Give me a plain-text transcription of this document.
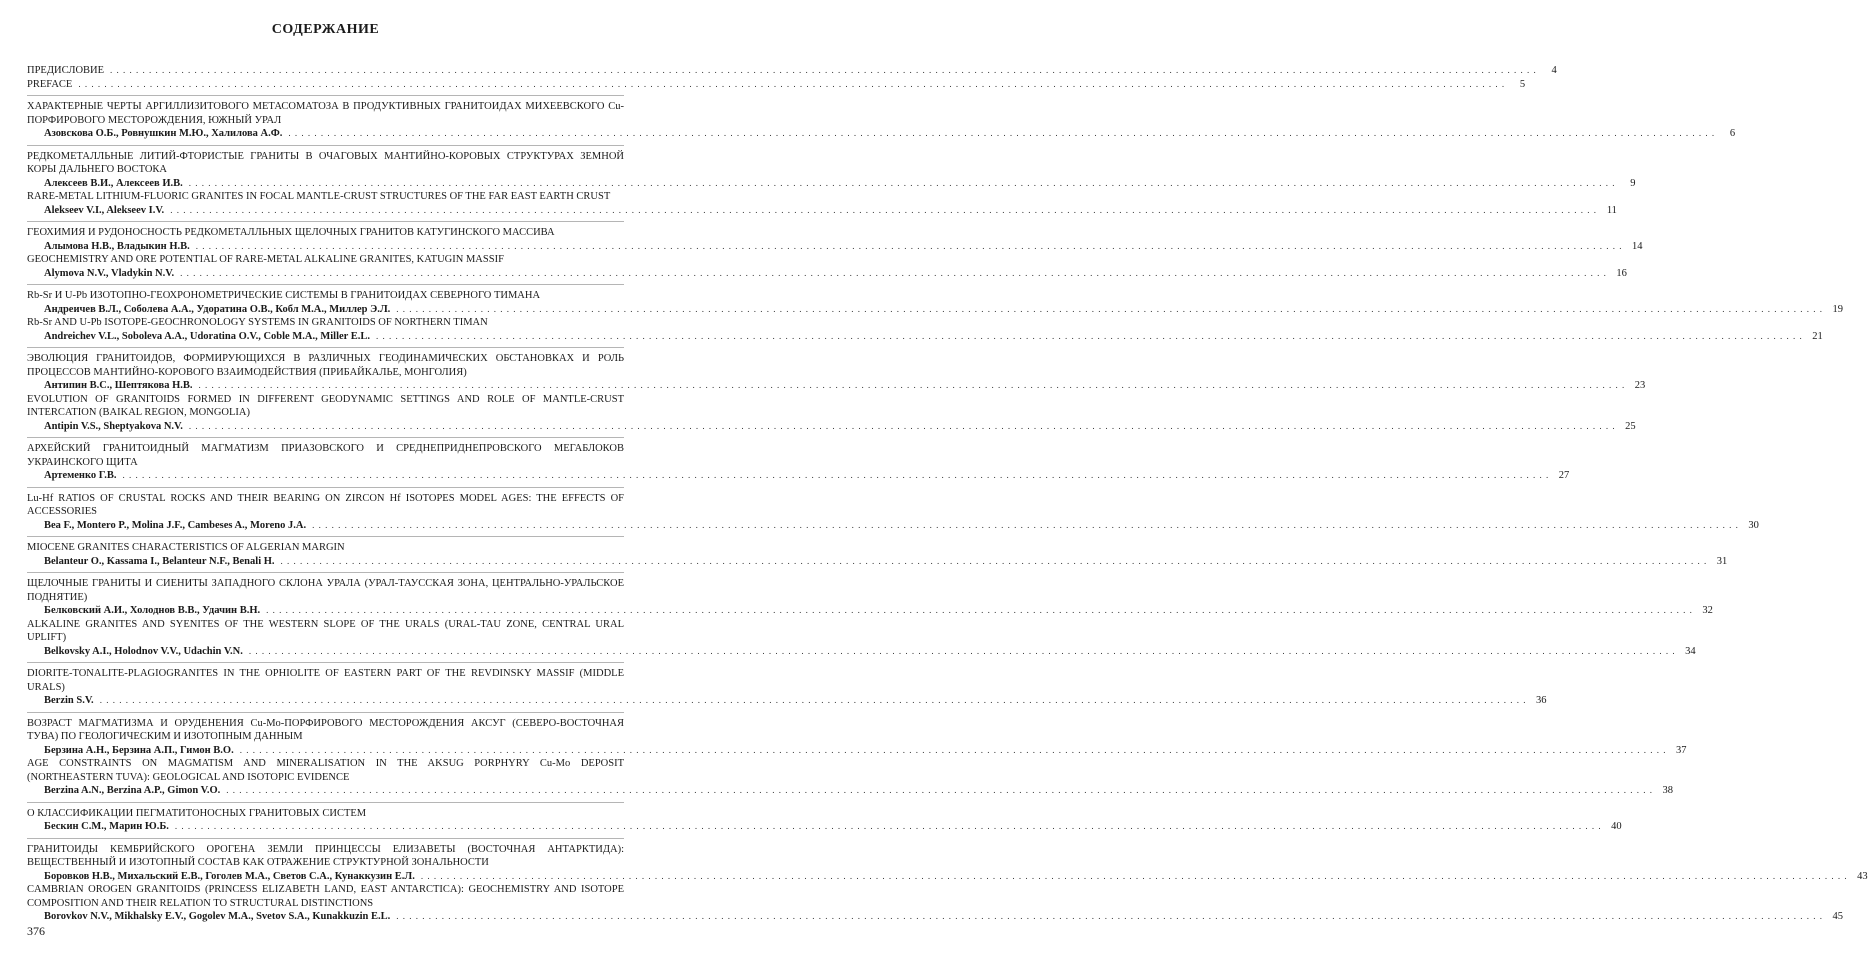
СОДЕРЖАНИЕ
ПРЕДИСЛОВИЕ . . . . . . . . . . . . . . . . . . . . . . . . . . . . . . . . . . . . . . . . . . . . . . . . . . . . . . . . . . . . . . . . . . . . . . . . . . . . . . . . . . . . . . . . . . . . . . . . . . . . . . . . . . . . . . . . . . . . . . . . . . . . . . . . . . . . . . . . . . . . . . . . . . . . . . . . . . . . . . . . . . . . . . . . . . . . . . . . . . . . . . . . . . . . . . . . . . . . . . . . . . . . . . . . . . . . . . . . . . . .	4
PREFACE . . . . . . . . . . . . . . . . . . . . . . . . . . . . . . . . . . . . . . . . . . . . . . . . . . . . . . . . . . . . . . . . . . . . . . . . . . . . . . . . . . . . . . . . . . . . . . . . . . . . . . . . . . . . . . . . . . . . . . . . . . . . . . . . . . . . . . . . . . . . . . . . . . . . . . . . . . . . . . . . . . . . . . . . . . . . . . . . . . . . . . . . . . . . . . . . . . . . . . . . . . . . . . . . . . . . . . . . . . . .	5
ХАРАКТЕРНЫЕ ЧЕРТЫ АРГИЛЛИЗИТОВОГО МЕТАСОМАТОЗА В ПРОДУКТИВНЫХ ГРАНИТОИДАХ МИХЕЕВСКОГО Cu-ПОРФИРОВОГО МЕСТОРОЖДЕНИЯ, ЮЖНЫЙ УРАЛ
Азовскова О.Б., Ровнушкин М.Ю., Халилова А.Ф. . . . . . . . . . . . . . . . . . . . . . . . . . . . . . . . . . . . . . . . . . . . . . . . . . . . . . . . . . . . . . . . . . . . . . . . . . . . . . . . . . . . . . . . . . . . . . . . . . . . . . . . . . . . . . . . . . . . . . . . . . . . . . . . . . . . . . . . . . . . . . . . . . . . . . . . . . . . . . . . . . . . . . . . . . . . . . . . . . . . . . . . . . . . . . . . . . . . . . . . . . . . . . . . . . . . . . . . . . . . .	6
РЕДКОМЕТАЛЛЬНЫЕ ЛИТИЙ-ФТОРИСТЫЕ ГРАНИТЫ В ОЧАГОВЫХ МАНТИЙНО-КОРОВЫХ СТРУКТУРАХ ЗЕМНОЙ КОРЫ ДАЛЬНЕГО ВОСТОКА
Алексеев В.И., Алексеев И.В. . . . . . . . . . . . . . . . . . . . . . . . . . . . . . . . . . . . . . . . . . . . . . . . . . . . . . . . . . . . . . . . . . . . . . . . . . . . . . . . . . . . . . . . . . . . . . . . . . . . . . . . . . . . . . . . . . . . . . . . . . . . . . . . . . . . . . . . . . . . . . . . . . . . . . . . . . . . . . . . . . . . . . . . . . . . . . . . . . . . . . . . . . . . . . . . . . . . . . . . . . . . . . . . . . . . . . . . . . . . .	9
RARE-METAL LITHIUM-FLUORIC GRANITES IN FOCAL MANTLE-CRUST STRUCTURES OF THE FAR EAST EARTH CRUST
Alekseev V.I., Alekseev I.V. . . . . . . . . . . . . . . . . . . . . . . . . . . . . . . . . . . . . . . . . . . . . . . . . . . . . . . . . . . . . . . . . . . . . . . . . . . . . . . . . . . . . . . . . . . . . . . . . . . . . . . . . . . . . . . . . . . . . . . . . . . . . . . . . . . . . . . . . . . . . . . . . . . . . . . . . . . . . . . . . . . . . . . . . . . . . . . . . . . . . . . . . . . . . . . . . . . . . . . . . . . . . . . . . . . . . . . . . . . . . 11
ГЕОХИМИЯ И РУДОНОСНОСТЬ РЕДКОМЕТАЛЛЬНЫХ ЩЕЛОЧНЫХ ГРАНИТОВ КАТУГИНСКОГО МАССИВА
Алымова Н.В., Владыкин Н.В. . . . . . . . . . . . . . . . . . . . . . . . . . . . . . . . . . . . . . . . . . . . . . . . . . . . . . . . . . . . . . . . . . . . . . . . . . . . . . . . . . . . . . . . . . . . . . . . . . . . . . . . . . . . . . . . . . . . . . . . . . . . . . . . . . . . . . . . . . . . . . . . . . . . . . . . . . . . . . . . . . . . . . . . . . . . . . . . . . . . . . . . . . . . . . . . . . . . . . . . . . . . . . . . . . . . . . . . . . . . . 14
GEOCHEMISTRY AND ORE POTENTIAL OF RARE-METAL ALKALINE GRANITES, KATUGIN MASSIF
Alymova N.V., Vladykin N.V. . . . . . . . . . . . . . . . . . . . . . . . . . . . . . . . . . . . . . . . . . . . . . . . . . . . . . . . . . . . . . . . . . . . . . . . . . . . . . . . . . . . . . . . . . . . . . . . . . . . . . . . . . . . . . . . . . . . . . . . . . . . . . . . . . . . . . . . . . . . . . . . . . . . . . . . . . . . . . . . . . . . . . . . . . . . . . . . . . . . . . . . . . . . . . . . . . . . . . . . . . . . . . . . . . . . . . . . . . . . . 16
Rb-Sr И U-Pb ИЗОТОПНО-ГЕОХРОНОМЕТРИЧЕСКИЕ СИСТЕМЫ В ГРАНИТОИДАХ СЕВЕРНОГО ТИМАНА
Андреичев В.Л., Соболева А.А., Удоратина О.В., Кобл М.А., Миллер Э.Л. . . . . . . . . . . . . . . . . . . . . . . . . . . . . . . . . . . . . . . . . . . . . . . . . . . . . . . . . . . . . . . . . . . . . . . . . . . . . . . . . . . . . . . . . . . . . . . . . . . . . . . . . . . . . . . . . . . . . . . . . . . . . . . . . . . . . . . . . . . . . . . . . . . . . . . . . . . . . . . . . . . . . . . . . . . . . . . . . . . . . . . . . . . . . . . . . . . . . . . . . . . . . . . . . . . . . . . . . . . . . 19
Rb-Sr AND U-Pb ISOTOPE-GEOCHRONOLOGY SYSTEMS IN GRANITOIDS OF NORTHERN TIMAN
Andreichev V.L., Soboleva A.A., Udoratina O.V., Coble M.A., Miller E.L. . . . . . . . . . . . . . . . . . . . . . . . . . . . . . . . . . . . . . . . . . . . . . . . . . . . . . . . . . . . . . . . . . . . . . . . . . . . . . . . . . . . . . . . . . . . . . . . . . . . . . . . . . . . . . . . . . . . . . . . . . . . . . . . . . . . . . . . . . . . . . . . . . . . . . . . . . . . . . . . . . . . . . . . . . . . . . . . . . . . . . . . . . . . . . . . . . . . . . . . . . . . . . . . . . . . . . . . . . . . . 21
ЭВОЛЮЦИЯ ГРАНИТОИДОВ, ФОРМИРУЮЩИХСЯ В РАЗЛИЧНЫХ ГЕОДИНАМИЧЕСКИХ ОБСТАНОВКАХ И РОЛЬ ПРОЦЕССОВ МАНТИЙНО-КОРОВОГО ВЗАИМОДЕЙСТВИЯ (ПРИБАЙКАЛЬЕ, МОНГОЛИЯ)
Антипин В.С., Шептякова Н.В. . . . . . . . . . . . . . . . . . . . . . . . . . . . . . . . . . . . . . . . . . . . . . . . . . . . . . . . . . . . . . . . . . . . . . . . . . . . . . . . . . . . . . . . . . . . . . . . . . . . . . . . . . . . . . . . . . . . . . . . . . . . . . . . . . . . . . . . . . . . . . . . . . . . . . . . . . . . . . . . . . . . . . . . . . . . . . . . . . . . . . . . . . . . . . . . . . . . . . . . . . . . . . . . . . . . . . . . . . . . . 23
EVOLUTION OF GRANITOIDS FORMED IN DIFFERENT GEODYNAMIC SETTINGS AND ROLE OF MANTLE-CRUST INTERCATION (BAIKAL REGION, MONGOLIA)
Antipin V.S., Sheptyakova N.V. . . . . . . . . . . . . . . . . . . . . . . . . . . . . . . . . . . . . . . . . . . . . . . . . . . . . . . . . . . . . . . . . . . . . . . . . . . . . . . . . . . . . . . . . . . . . . . . . . . . . . . . . . . . . . . . . . . . . . . . . . . . . . . . . . . . . . . . . . . . . . . . . . . . . . . . . . . . . . . . . . . . . . . . . . . . . . . . . . . . . . . . . . . . . . . . . . . . . . . . . . . . . . . . . . . . . . . . . . . . . 25
АРХЕЙСКИЙ ГРАНИТОИДНЫЙ МАГМАТИЗМ ПРИАЗОВСКОГО И СРЕДНЕПРИДНЕПРОВСКОГО МЕГАБЛОКОВ УКРАИНСКОГО ЩИТА
Артеменко Г.В. . . . . . . . . . . . . . . . . . . . . . . . . . . . . . . . . . . . . . . . . . . . . . . . . . . . . . . . . . . . . . . . . . . . . . . . . . . . . . . . . . . . . . . . . . . . . . . . . . . . . . . . . . . . . . . . . . . . . . . . . . . . . . . . . . . . . . . . . . . . . . . . . . . . . . . . . . . . . . . . . . . . . . . . . . . . . . . . . . . . . . . . . . . . . . . . . . . . . . . . . . . . . . . . . . . . . . . . . . . . . 27
Lu-Hf RATIOS OF CRUSTAL ROCKS AND THEIR BEARING ON ZIRCON Hf ISOTOPES MODEL AGES: THE EFFECTS OF ACCESSORIES
Bea F., Montero P., Molina J.F., Cambeses A., Moreno J.A. . . . . . . . . . . . . . . . . . . . . . . . . . . . . . . . . . . . . . . . . . . . . . . . . . . . . . . . . . . . . . . . . . . . . . . . . . . . . . . . . . . . . . . . . . . . . . . . . . . . . . . . . . . . . . . . . . . . . . . . . . . . . . . . . . . . . . . . . . . . . . . . . . . . . . . . . . . . . . . . . . . . . . . . . . . . . . . . . . . . . . . . . . . . . . . . . . . . . . . . . . . . . . . . . . . . . . . . . . . . . 30
MIOCENE GRANITES CHARACTERISTICS OF ALGERIAN MARGIN
Belanteur O., Kassama I., Belanteur N.F., Benali H. . . . . . . . . . . . . . . . . . . . . . . . . . . . . . . . . . . . . . . . . . . . . . . . . . . . . . . . . . . . . . . . . . . . . . . . . . . . . . . . . . . . . . . . . . . . . . . . . . . . . . . . . . . . . . . . . . . . . . . . . . . . . . . . . . . . . . . . . . . . . . . . . . . . . . . . . . . . . . . . . . . . . . . . . . . . . . . . . . . . . . . . . . . . . . . . . . . . . . . . . . . . . . . . . . . . . . . . . . . . . 31
ЩЕЛОЧНЫЕ ГРАНИТЫ И СИЕНИТЫ ЗАПАДНОГО СКЛОНА УРАЛА (УРАЛ-ТАУССКАЯ ЗОНА, ЦЕНТРАЛЬНО-УРАЛЬСКОЕ ПОДНЯТИЕ)
Белковский А.И., Холоднов В.В., Удачин В.Н. . . . . . . . . . . . . . . . . . . . . . . . . . . . . . . . . . . . . . . . . . . . . . . . . . . . . . . . . . . . . . . . . . . . . . . . . . . . . . . . . . . . . . . . . . . . . . . . . . . . . . . . . . . . . . . . . . . . . . . . . . . . . . . . . . . . . . . . . . . . . . . . . . . . . . . . . . . . . . . . . . . . . . . . . . . . . . . . . . . . . . . . . . . . . . . . . . . . . . . . . . . . . . . . . . . . . . . . . . . . . 32
ALKALINE GRANITES AND SYENITES OF THE WESTERN SLOPE OF THE URALS (URAL-TAU ZONE, CENTRAL URAL UPLIFT)
Belkovsky A.I., Holodnov V.V., Udachin V.N. . . . . . . . . . . . . . . . . . . . . . . . . . . . . . . . . . . . . . . . . . . . . . . . . . . . . . . . . . . . . . . . . . . . . . . . . . . . . . . . . . . . . . . . . . . . . . . . . . . . . . . . . . . . . . . . . . . . . . . . . . . . . . . . . . . . . . . . . . . . . . . . . . . . . . . . . . . . . . . . . . . . . . . . . . . . . . . . . . . . . . . . . . . . . . . . . . . . . . . . . . . . . . . . . . . . . . . . . . . . . 34
DIORITE-TONALITE-PLAGIOGRANITES IN THE OPHIOLITE OF EASTERN PART OF THE REVDINSKY MASSIF (MIDDLE URALS)
Berzin S.V. . . . . . . . . . . . . . . . . . . . . . . . . . . . . . . . . . . . . . . . . . . . . . . . . . . . . . . . . . . . . . . . . . . . . . . . . . . . . . . . . . . . . . . . . . . . . . . . . . . . . . . . . . . . . . . . . . . . . . . . . . . . . . . . . . . . . . . . . . . . . . . . . . . . . . . . . . . . . . . . . . . . . . . . . . . . . . . . . . . . . . . . . . . . . . . . . . . . . . . . . . . . . . . . . . . . . . . . . . . . . 36
ВОЗРАСТ МАГМАТИЗМА И ОРУДЕНЕНИЯ Cu-Mo-ПОРФИРОВОГО МЕСТОРОЖДЕНИЯ АКСУГ (СЕВЕРО-ВОСТОЧНАЯ ТУВА) ПО ГЕОЛОГИЧЕСКИМ И ИЗОТОПНЫМ ДАННЫМ
Берзина А.Н., Берзина А.П., Гимон В.О. . . . . . . . . . . . . . . . . . . . . . . . . . . . . . . . . . . . . . . . . . . . . . . . . . . . . . . . . . . . . . . . . . . . . . . . . . . . . . . . . . . . . . . . . . . . . . . . . . . . . . . . . . . . . . . . . . . . . . . . . . . . . . . . . . . . . . . . . . . . . . . . . . . . . . . . . . . . . . . . . . . . . . . . . . . . . . . . . . . . . . . . . . . . . . . . . . . . . . . . . . . . . . . . . . . . . . . . . . . . . 37
AGE CONSTRAINTS ON MAGMATISM AND MINERALISATION IN THE AKSUG PORPHYRY Cu-Mo DEPOSIT (NORTHEASTERN TUVA): GEOLOGICAL AND ISOTOPIC EVIDENCE
Berzina A.N., Berzina A.P., Gimon V.O. . . . . . . . . . . . . . . . . . . . . . . . . . . . . . . . . . . . . . . . . . . . . . . . . . . . . . . . . . . . . . . . . . . . . . . . . . . . . . . . . . . . . . . . . . . . . . . . . . . . . . . . . . . . . . . . . . . . . . . . . . . . . . . . . . . . . . . . . . . . . . . . . . . . . . . . . . . . . . . . . . . . . . . . . . . . . . . . . . . . . . . . . . . . . . . . . . . . . . . . . . . . . . . . . . . . . . . . . . . . . 38
О КЛАССИФИКАЦИИ ПЕГМАТИТОНОСНЫХ ГРАНИТОВЫХ СИСТЕМ
Бескин С.М., Марин Ю.Б. . . . . . . . . . . . . . . . . . . . . . . . . . . . . . . . . . . . . . . . . . . . . . . . . . . . . . . . . . . . . . . . . . . . . . . . . . . . . . . . . . . . . . . . . . . . . . . . . . . . . . . . . . . . . . . . . . . . . . . . . . . . . . . . . . . . . . . . . . . . . . . . . . . . . . . . . . . . . . . . . . . . . . . . . . . . . . . . . . . . . . . . . . . . . . . . . . . . . . . . . . . . . . . . . . . . . . . . . . . . . 40
ГРАНИТОИДЫ КЕМБРИЙСКОГО ОРОГЕНА ЗЕМЛИ ПРИНЦЕССЫ ЕЛИЗАВЕТЫ (ВОСТОЧНАЯ АНТАРКТИДА): ВЕЩЕСТВЕННЫЙ И ИЗОТОПНЫЙ СОСТАВ КАК ОТРАЖЕНИЕ СТРУКТУРНОЙ ЗОНАЛЬНОСТИ
Боровков Н.В., Михальский Е.В., Гоголев М.А., Светов С.А., Кунаккузин Е.Л. . . . . . . . . . . . . . . . . . . . . . . . . . . . . . . . . . . . . . . . . . . . . . . . . . . . . . . . . . . . . . . . . . . . . . . . . . . . . . . . . . . . . . . . . . . . . . . . . . . . . . . . . . . . . . . . . . . . . . . . . . . . . . . . . . . . . . . . . . . . . . . . . . . . . . . . . . . . . . . . . . . . . . . . . . . . . . . . . . . . . . . . . . . . . . . . . . . . . . . . . . . . . . . . . . . . . . . . . . . . . 43
CAMBRIAN OROGEN GRANITOIDS (PRINCESS ELIZABETH LAND, EAST ANTARCTICA): GEOCHEMISTRY AND ISOTOPE COMPOSITION AND THEIR RELATION TO STRUCTURAL DISTINCTIONS
Borovkov N.V., Mikhalsky E.V., Gogolev M.A., Svetov S.A., Kunakkuzin E.L. . . . . . . . . . . . . . . . . . . . . . . . . . . . . . . . . . . . . . . . . . . . . . . . . . . . . . . . . . . . . . . . . . . . . . . . . . . . . . . . . . . . . . . . . . . . . . . . . . . . . . . . . . . . . . . . . . . . . . . . . . . . . . . . . . . . . . . . . . . . . . . . . . . . . . . . . . . . . . . . . . . . . . . . . . . . . . . . . . . . . . . . . . . . . . . . . . . . . . . . . . . . . . . . . . . . . . . . . . . . . 45
376
